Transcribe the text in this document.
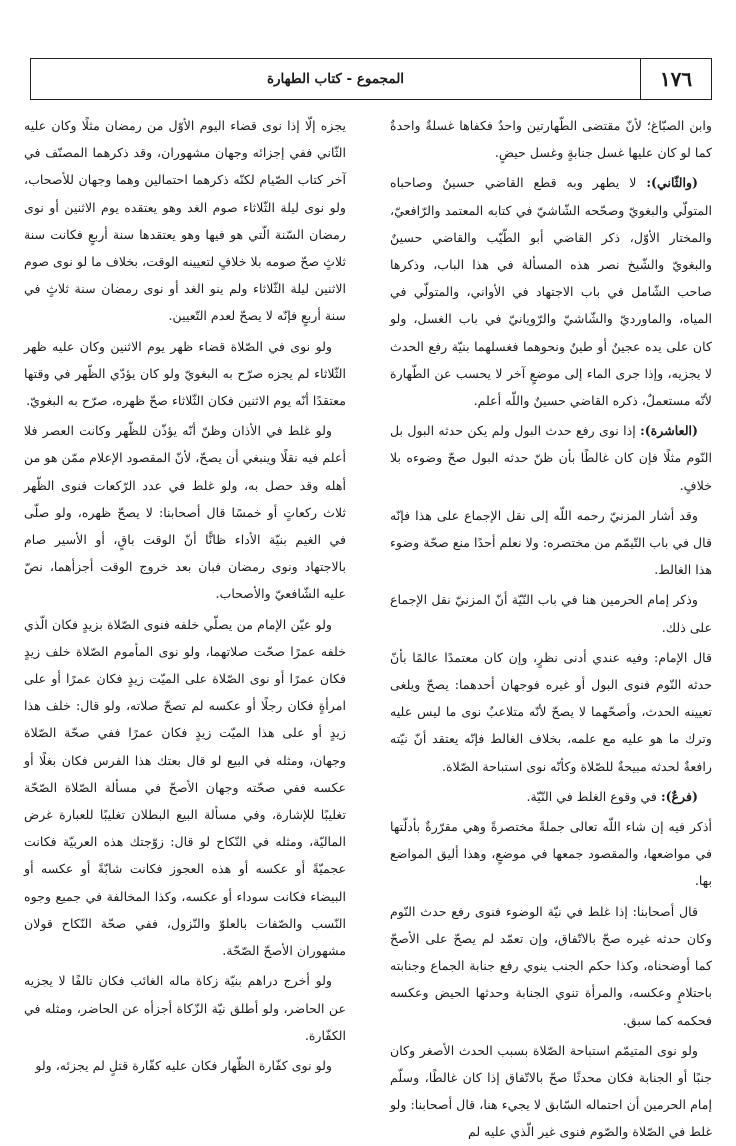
١٧٦
المجموع - كتاب الطهارة

وابن الصبّاغ؛ لأنّ مقتضى الطّهارتين واحدٌ فكفاها غسلةٌ واحدةٌ كما لو كان عليها غسل جنابةٍ وغسل حيضٍ.

(والثّاني): لا يطهر وبه قطع القاضي حسينٌ وصاحباه المتولّي والبغويّ وصحّحه الشّاشيّ في كتابه المعتمد والرّافعيّ، والمختار الأوّل، ذكر القاضي أبو الطّيّب والقاضي حسينٌ والبغويّ والشّيخ نصر هذه المسألة في هذا الباب، وذكرها صاحب الشّامل في باب الاجتهاد في الأواني، والمتولّي في المياه، والماورديّ والشّاشيّ والرّويانيّ في باب الغسل، ولو كان على يده عجينٌ أو طينٌ ونحوهما فغسلهما بنيّة رفع الحدث لا يجزيه، وإذا جرى الماء إلى موضعٍ آخر لا يحسب عن الطّهارة لأنّه مستعملٌ، ذكره القاضي حسينٌ واللّه أعلم.

(العاشرة): إذا نوى رفع حدث البول ولم يكن حدثه البول بل النّوم مثلًا فإن كان غالطًا بأن ظنّ حدثه البول صحّ وضوءه بلا خلافٍ.

وقد أشار المزنيّ رحمه اللّه إلى نقل الإجماع على هذا فإنّه قال في باب التّيمّم من مختصره: ولا نعلم أحدًا منع صحّة وضوء هذا الغالط.

وذكر إمام الحرمين هنا في باب النّيّة أنّ المزنيّ نقل الإجماع على ذلك.

قال الإمام: وفيه عندي أدنى نظرٍ، وإن كان معتمدًا عالمًا بأنّ حدثه النّوم فنوى البول أو غيره فوجهان أحدهما: يصحّ ويلغى تعيينه الحدث، وأصحّهما لا يصحّ لأنّه متلاعبٌ نوى ما ليس عليه وترك ما هو عليه مع علمه، بخلاف الغالط فإنّه يعتقد أنّ نيّته رافعةٌ لحدثه مبيحةٌ للصّلاة وكأنّه نوى استباحة الصّلاة.

(فرعٌ): في وقوع الغلط في النّيّة.

أذكر فيه إن شاء اللّه تعالى جملةً مختصرةً وهي مقرّرةٌ بأدلّتها في مواضعها، والمقصود جمعها في موضعٍ، وهذا أليق المواضع بها.

قال أصحابنا: إذا غلط في نيّة الوضوء فنوى رفع حدث النّوم وكان حدثه غيره صحّ بالاتّفاق، وإن تعمّد لم يصحّ على الأصحّ كما أوضحناه، وكذا حكم الجنب ينوي رفع جنابة الجماع وجنابته باحتلامٍ وعكسه، والمرأة تنوي الجنابة وحدثها الحيض وعكسه فحكمه كما سبق.

ولو نوى المتيمّم استباحة الصّلاة بسبب الحدث الأصغر وكان جنبًا أو الجنابة فكان محدثًا صحّ بالاتّفاق إذا كان غالطًا، وسلّم إمام الحرمين أن احتماله السّابق لا يجيء هنا، قال أصحابنا: ولو غلط في الصّلاة والصّوم فنوى غير الّذي عليه لم

يجزه إلّا إذا نوى قضاء اليوم الأوّل من رمضان مثلًا وكان عليه الثّاني ففي إجزائه وجهان مشهوران، وقد ذكرهما المصنّف في آخر كتاب الصّيام لكنّه ذكرهما احتمالين وهما وجهان للأصحاب، ولو نوى ليلة الثّلاثاء صوم الغد وهو يعتقده يوم الاثنين أو نوى رمضان السّنة الّتي هو فيها وهو يعتقدها سنة أربعٍ فكانت سنة ثلاثٍ صحّ صومه بلا خلافٍ لتعيينه الوقت، بخلاف ما لو نوى صوم الاثنين ليلة الثّلاثاء ولم ينو الغد أو نوى رمضان سنة ثلاثٍ في سنة أربعٍ فإنّه لا يصحّ لعدم التّعيين.

ولو نوى في الصّلاة قضاء ظهر يوم الاثنين وكان عليه ظهر الثّلاثاء لم يجزه صرّح به البغويّ ولو كان يؤدّي الظّهر في وقتها معتقدًا أنّه يوم الاثنين فكان الثّلاثاء صحّ ظهره، صرّح به البغويّ.

ولو غلط في الأذان وظنّ أنّه يؤذّن للظّهر وكانت العصر فلا أعلم فيه نقلًا وينبغي أن يصحّ، لأنّ المقصود الإعلام ممّن هو من أهله وقد حصل به، ولو غلط في عدد الرّكعات فنوى الظّهر ثلاث ركعاتٍ أو خمسًا قال أصحابنا: لا يصحّ ظهره، ولو صلّى في الغيم بنيّة الأداء ظانًّا أنّ الوقت باقٍ، أو الأسير صام بالاجتهاد ونوى رمضان فبان بعد خروج الوقت أجزأهما، نصّ عليه الشّافعيّ والأصحاب.

ولو عيّن الإمام من يصلّي خلفه فنوى الصّلاة بزيدٍ فكان الّذي خلفه عمرًا صحّت صلاتهما، ولو نوى المأموم الصّلاة خلف زيدٍ فكان عمرًا أو نوى الصّلاة على الميّت زيدٍ فكان عمرًا أو على امرأةٍ فكان رجلًا أو عكسه لم تصحّ صلاته، ولو قال: خلف هذا زيدٍ أو على هذا الميّت زيدٍ فكان عمرًا ففي صحّة الصّلاة وجهان، ومثله في البيع لو قال بعتك هذا الفرس فكان بغلًا أو عكسه ففي صحّته وجهان الأصحّ في مسألة الصّلاة الصّحّة تغليبًا للإشارة، وفي مسألة البيع البطلان تغليبًا للعبارة غرض الماليّة، ومثله في النّكاح لو قال: زوّجتك هذه العربيّة فكانت عجميّةً أو عكسه أو هذه العجوز فكانت شابّةً أو عكسه أو البيضاء فكانت سوداء أو عكسه، وكذا المخالفة في جميع وجوه النّسب والصّفات بالعلوّ والنّزول، ففي صحّة النّكاح قولان مشهوران الأصحّ الصّحّة.

ولو أخرج دراهم بنيّة زكاة ماله الغائب فكان تالفًا لا يجزيه عن الحاضر، ولو أطلق نيّة الزّكاة أجزأه عن الحاضر، ومثله في الكفّارة.

ولو نوى كفّارة الظّهار فكان عليه كفّارة قتلٍ لم يجزئه، ولو
